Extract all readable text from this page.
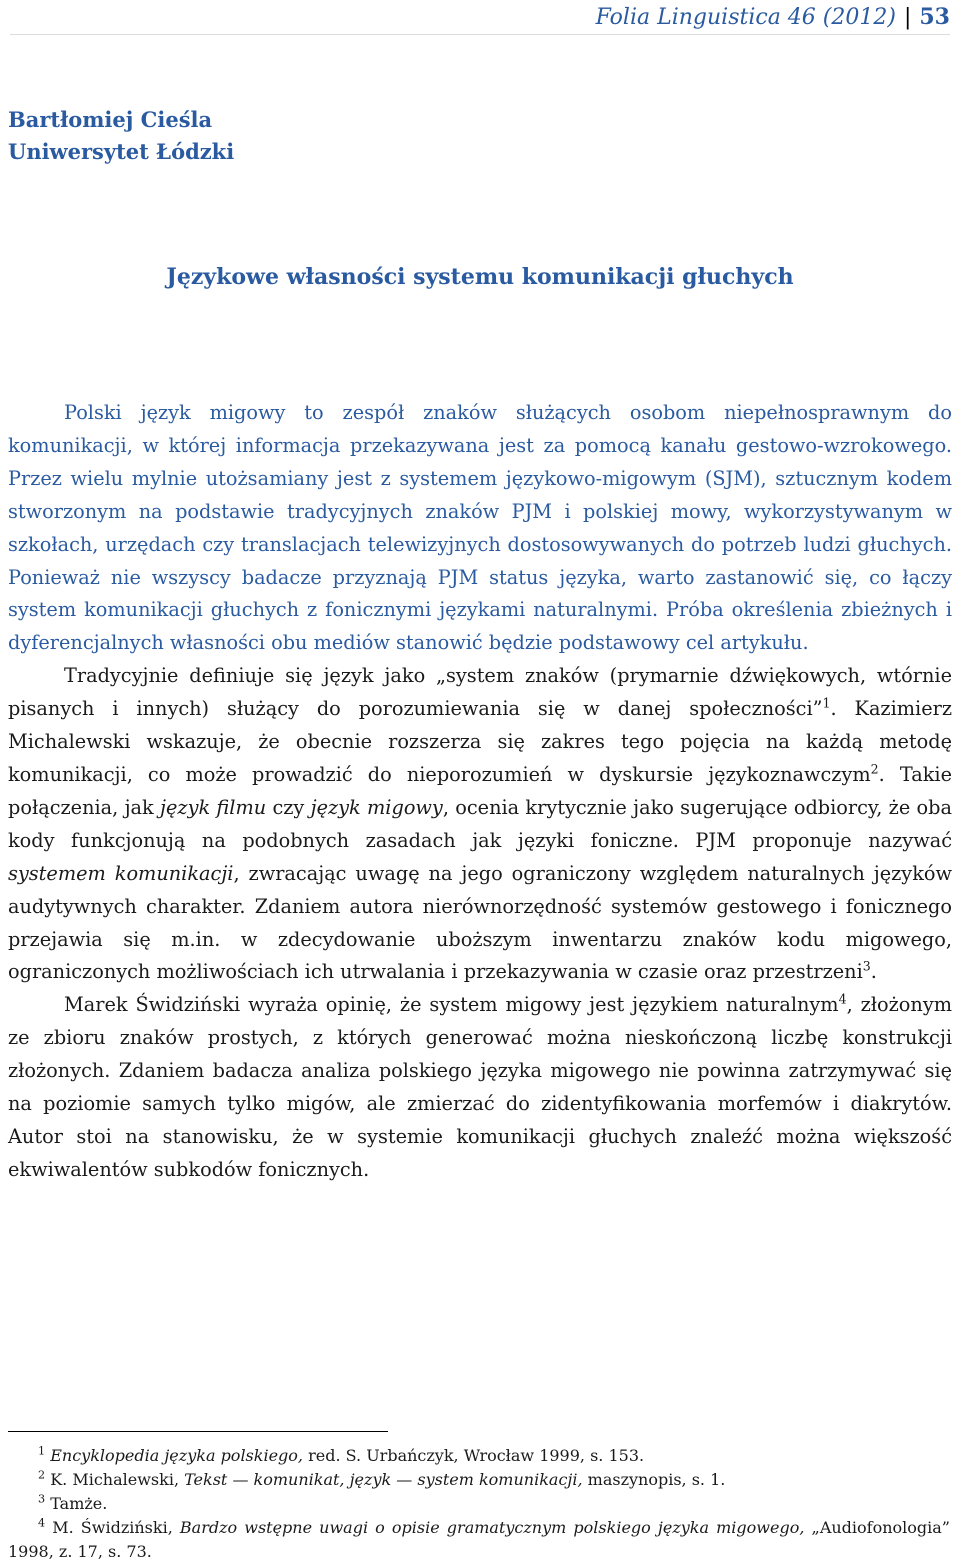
Folia Linguistica 46 (2012) | 53
Bartłomiej Cieśla
Uniwersytet Łódzki
Językowe własności systemu komunikacji głuchych

Polski język migowy to zespół znaków służących osobom niepełnosprawnym do komunikacji, w której informacja przekazywana jest za pomocą kanału gestowo-wzrokowego. Przez wielu mylnie utożsamiany jest z systemem językowo-migowym (SJM), sztucznym kodem stworzonym na podstawie tradycyjnych znaków PJM i polskiej mowy, wykorzystywanym w szkołach, urzędach czy translacjach telewizyjnych dostosowywanych do potrzeb ludzi głuchych. Ponieważ nie wszyscy badacze przyznają PJM status języka, warto zastanowić się, co łączy system komunikacji głuchych z fonicznymi językami naturalnymi. Próba określenia zbieżnych i dyferencjalnych własności obu mediów stanowić będzie podstawowy cel artykułu.

Tradycyjnie definiuje się język jako „system znaków (prymarnie dźwiękowych, wtórnie pisanych i innych) służący do porozumiewania się w danej społeczności”$^1$. Kazimierz Michalewski wskazuje, że obecnie rozszerza się zakres tego pojęcia na każdą metodę komunikacji, co może prowadzić do nieporozumień w dyskursie językoznawczym$^2$. Takie połączenia, jak język filmu czy język migowy, ocenia krytycznie jako sugerujące odbiorcy, że oba kody funkcjonują na podobnych zasadach jak języki foniczne. PJM proponuje nazywać systemem komunikacji, zwracając uwagę na jego ograniczony względem naturalnych języków audytywnych charakter. Zdaniem autora nierównorzędność systemów gestowego i fonicznego przejawia się m.in. w zdecydowanie uboższym inwentarzu znaków kodu migowego, ograniczonych możliwościach ich utrwalania i przekazywania w czasie oraz przestrzeni$^3$.

Marek Świdziński wyraża opinię, że system migowy jest językiem naturalnym$^4$, złożonym ze zbioru znaków prostych, z których generować można nieskończoną liczbę konstrukcji złożonych. Zdaniem badacza analiza polskiego języka migowego nie powinna zatrzymywać się na poziomie samych tylko migów, ale zmierzać do zidentyfikowania morfemów i diakrytów. Autor stoi na stanowisku, że w systemie komunikacji głuchych znaleźć można większość ekwiwalentów subkodów fonicznych.

$^1$ Encyklopedia języka polskiego, red. S. Urbańczyk, Wrocław 1999, s. 153.

$^2$ K. Michalewski, Tekst — komunikat, język — system komunikacji, maszynopis, s. 1.

$^3$ Tamże.

$^4$ M. Świdziński, Bardzo wstępne uwagi o opisie gramatycznym polskiego języka migowego, „Audiofonologia” 1998, z. 17, s. 73.
